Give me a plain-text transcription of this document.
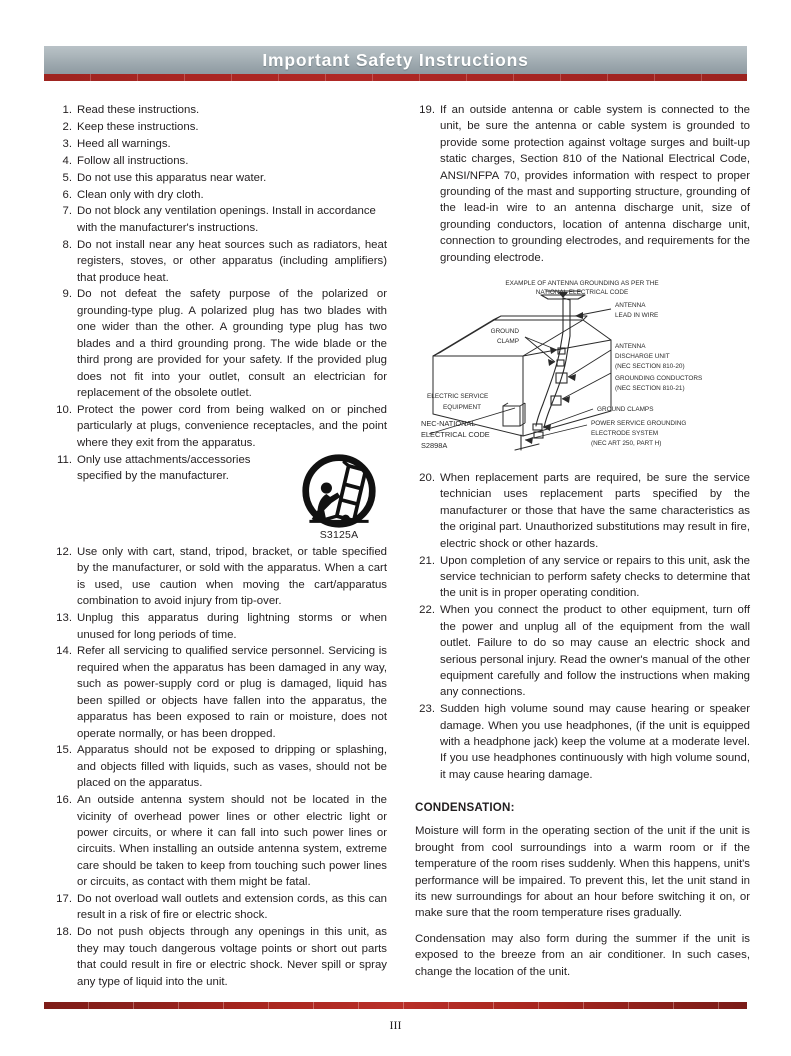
Important Safety Instructions
1. Read these instructions.
2. Keep these instructions.
3. Heed all warnings.
4. Follow all instructions.
5. Do not use this apparatus near water.
6. Clean only with dry cloth.
7. Do not block any ventilation openings. Install in accordance with the manufacturer's instructions.
8. Do not install near any heat sources such as radiators, heat registers, stoves, or other apparatus (including amplifiers) that produce heat.
9. Do not defeat the safety purpose of the polarized or grounding-type plug. A polarized plug has two blades with one wider than the other. A grounding type plug has two blades and a third grounding prong. The wide blade or the third prong are provided for your safety. If the provided plug does not fit into your outlet, consult an electrician for replacement of the obsolete outlet.
10. Protect the power cord from being walked on or pinched particularly at plugs, convenience receptacles, and the point where they exit from the apparatus.
11.
S3125A
Only use attachments/accessories specified by the manufacturer.
12. Use only with cart, stand, tripod, bracket, or table specified by the manufacturer, or sold with the apparatus. When a cart is used, use caution when moving the cart/apparatus combination to avoid injury from tip-over.
13. Unplug this apparatus during lightning storms or when unused for long periods of time.
14. Refer all servicing to qualified service personnel. Servicing is required when the apparatus has been damaged in any way, such as power-supply cord or plug is damaged, liquid has been spilled or objects have fallen into the apparatus, the apparatus has been exposed to rain or moisture, does not operate normally, or has been dropped.
15. Apparatus should not be exposed to dripping or splashing, and objects filled with liquids, such as vases, should not be placed on the apparatus.
16. An outside antenna system should not be located in the vicinity of overhead power lines or other electric light or power circuits, or where it can fall into such power lines or circuits. When installing an outside antenna system, extreme care should be taken to keep from touching such power lines or circuits, as contact with them might be fatal.
17. Do not overload wall outlets and extension cords, as this can result in a risk of fire or electric shock.
18. Do not push objects through any openings in this unit, as they may touch dangerous voltage points or short out parts that could result in fire or electric shock. Never spill or spray any type of liquid into the unit.
19. If an outside antenna or cable system is connected to the unit, be sure the antenna or cable system is grounded to provide some protection against voltage surges and built-up static charges, Section 810 of the National Electrical Code, ANSI/NFPA 70, provides information with respect to proper grounding of the mast and supporting structure, grounding of the lead-in wire to an antenna discharge unit, size of grounding conductors, location of antenna discharge unit, connection to grounding electrodes, and requirements for the grounding electrode.
EXAMPLE OF ANTENNA GROUNDING AS PER THE
NATIONAL ELECTRICAL CODE
ANTENNA
LEAD IN WIRE
GROUND
CLAMP
ANTENNA
DISCHARGE UNIT
(NEC SECTION 810-20)
GROUNDING CONDUCTORS
(NEC SECTION 810-21)
ELECTRIC SERVICE
EQUIPMENT	GROUND CLAMPS
POWER SERVICE GROUNDING
ELECTRODE SYSTEM
(NEC ART 250, PART H)
NEC-NATIONAL
ELECTRICAL CODE
S2898A
20. When replacement parts are required, be sure the service technician uses replacement parts specified by the manufacturer or those that have the same characteristics as the original part. Unauthorized substitutions may result in fire, electric shock or other hazards.
21. Upon completion of any service or repairs to this unit, ask the service technician to perform safety checks to determine that the unit is in proper operating condition.
22. When you connect the product to other equipment, turn off the power and unplug all of the equipment from the wall outlet. Failure to do so may cause an electric shock and serious personal injury. Read the owner's manual of the other equipment carefully and follow the instructions when making any connections.
23. Sudden high volume sound may cause hearing or speaker damage. When you use headphones, (if the unit is equipped with a headphone jack) keep the volume at a moderate level. If you use headphones continuously with high volume sound, it may cause hearing damage.
CONDENSATION:

Moisture will form in the operating section of the unit if the unit is brought from cool surroundings into a warm room or if the temperature of the room rises suddenly. When this happens, unit's performance will be impaired. To prevent this, let the unit stand in its new surroundings for about an hour before switching it on, or make sure that the room temperature rises gradually.

Condensation may also form during the summer if the unit is exposed to the breeze from an air conditioner. In such cases, change the location of the unit.

III
